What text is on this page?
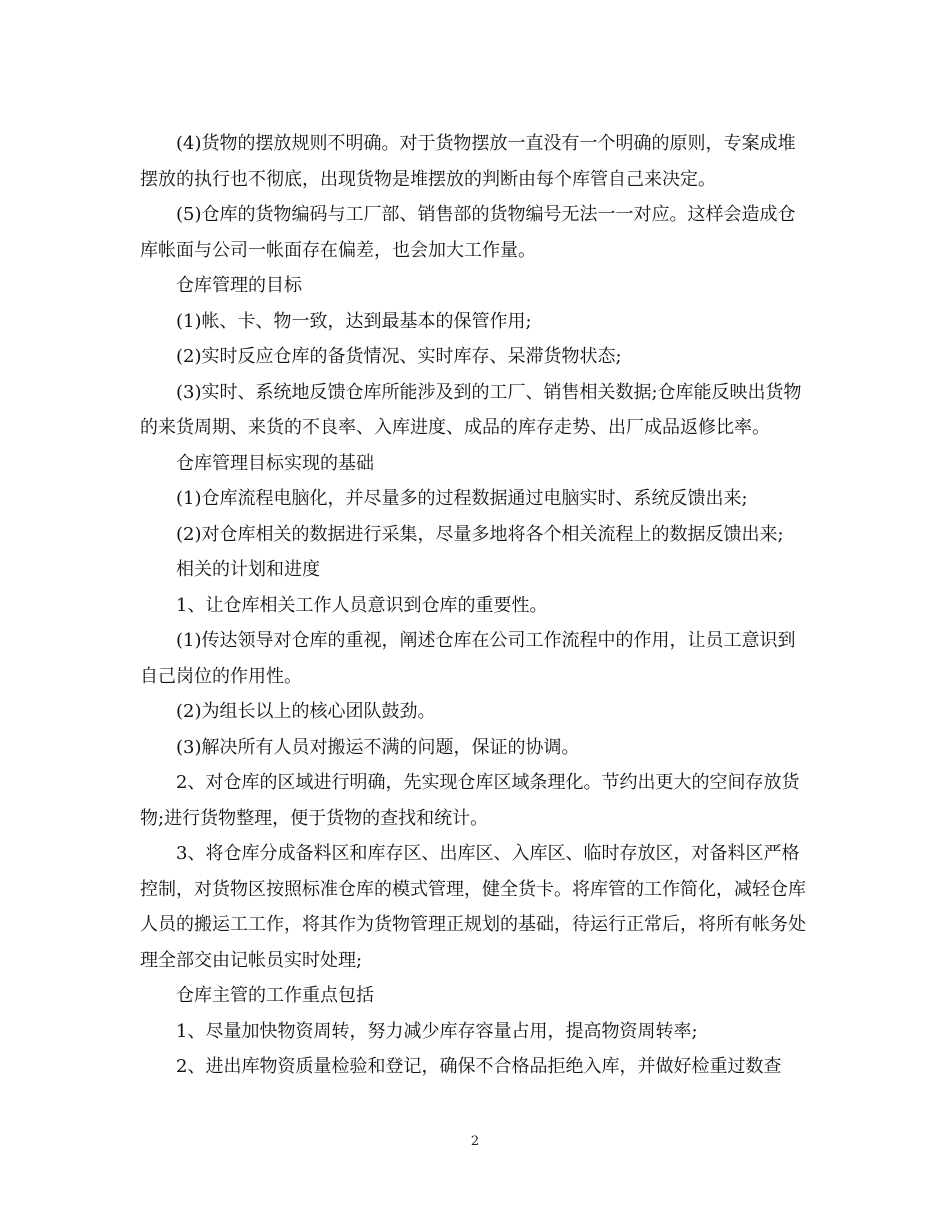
(4)货物的摆放规则不明确。对于货物摆放一直没有一个明确的原则，专案成堆摆放的执行也不彻底，出现货物是堆摆放的判断由每个库管自己来决定。

(5)仓库的货物编码与工厂部、销售部的货物编号无法一一对应。这样会造成仓库帐面与公司一帐面存在偏差，也会加大工作量。

仓库管理的目标

(1)帐、卡、物一致，达到最基本的保管作用;

(2)实时反应仓库的备货情况、实时库存、呆滞货物状态;

(3)实时、系统地反馈仓库所能涉及到的工厂、销售相关数据;仓库能反映出货物的来货周期、来货的不良率、入库进度、成品的库存走势、出厂成品返修比率。

仓库管理目标实现的基础

(1)仓库流程电脑化，并尽量多的过程数据通过电脑实时、系统反馈出来;

(2)对仓库相关的数据进行采集，尽量多地将各个相关流程上的数据反馈出来;

相关的计划和进度

1、让仓库相关工作人员意识到仓库的重要性。

(1)传达领导对仓库的重视，阐述仓库在公司工作流程中的作用，让员工意识到自己岗位的作用性。

(2)为组长以上的核心团队鼓劲。

(3)解决所有人员对搬运不满的问题，保证的协调。

2、对仓库的区域进行明确，先实现仓库区域条理化。节约出更大的空间存放货物;进行货物整理，便于货物的查找和统计。

3、将仓库分成备料区和库存区、出库区、入库区、临时存放区，对备料区严格控制，对货物区按照标准仓库的模式管理，健全货卡。将库管的工作简化，减轻仓库人员的搬运工工作，将其作为货物管理正规划的基础，待运行正常后，将所有帐务处理全部交由记帐员实时处理;

仓库主管的工作重点包括

1、尽量加快物资周转，努力减少库存容量占用，提高物资周转率;

2、进出库物资质量检验和登记，确保不合格品拒绝入库，并做好检重过数查

2
